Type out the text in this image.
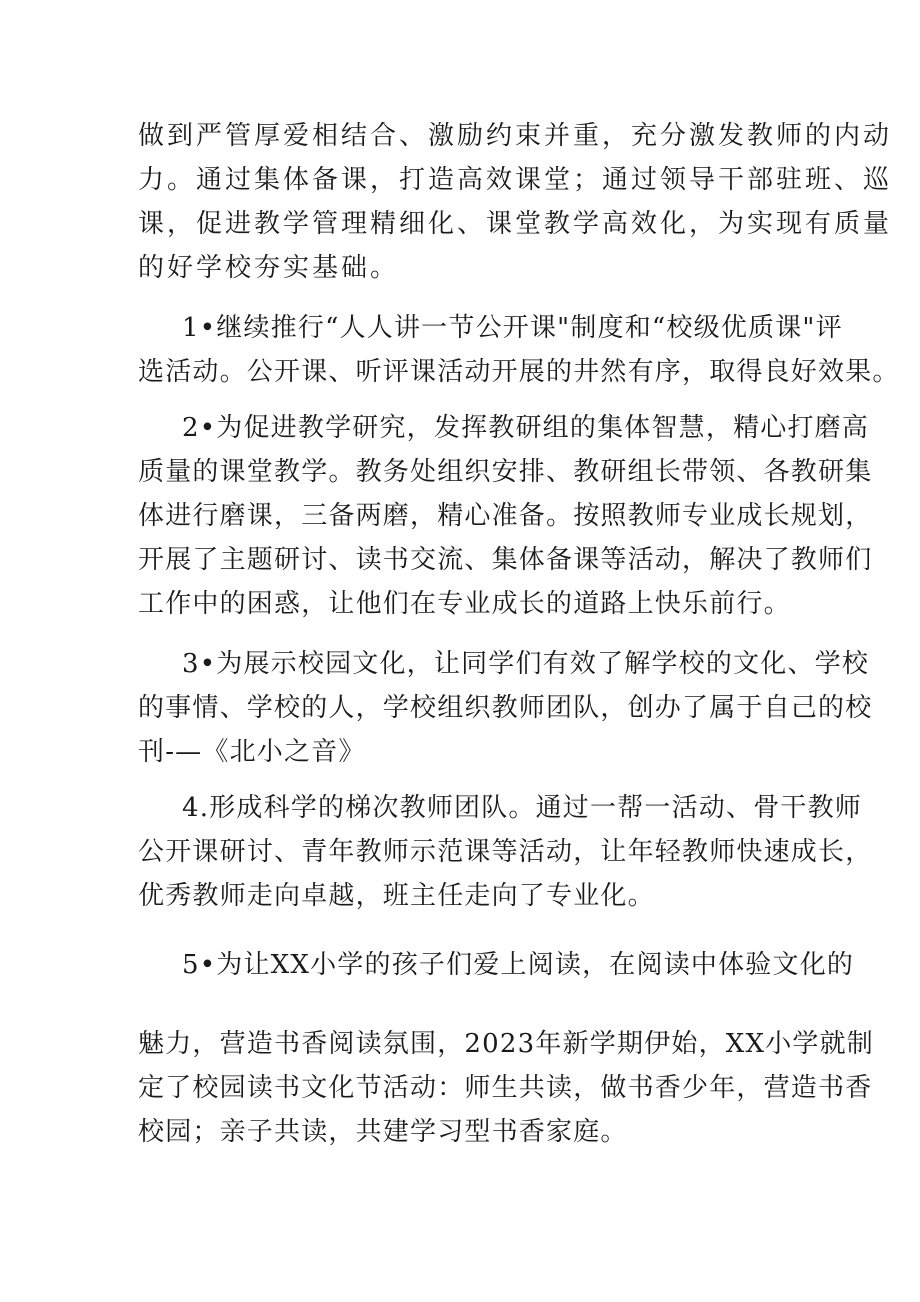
做到严管厚爱相结合、激励约束并重，充分激发教师的内动
力。通过集体备课，打造高效课堂；通过领导干部驻班、巡
课，促进教学管理精细化、课堂教学高效化，为实现有质量
的好学校夯实基础。
1•继续推行“人人讲一节公开课"制度和“校级优质课"评
选活动。公开课、听评课活动开展的井然有序，取得良好效果。
2•为促进教学研究，发挥教研组的集体智慧，精心打磨高
质量的课堂教学。教务处组织安排、教研组长带领、各教研集
体进行磨课，三备两磨，精心准备。按照教师专业成长规划，
开展了主题研讨、读书交流、集体备课等活动，解决了教师们
工作中的困惑，让他们在专业成长的道路上快乐前行。
3•为展示校园文化，让同学们有效了解学校的文化、学校
的事情、学校的人，学校组织教师团队，创办了属于自己的校
刊-—《北小之音》
4.形成科学的梯次教师团队。通过一帮一活动、骨干教师
公开课研讨、青年教师示范课等活动，让年轻教师快速成长，
优秀教师走向卓越，班主任走向了专业化。
5•为让XX小学的孩子们爱上阅读，在阅读中体验文化的
魅力，营造书香阅读氛围，2023年新学期伊始，XX小学就制
定了校园读书文化节活动：师生共读，做书香少年，营造书香
校园；亲子共读，共建学习型书香家庭。
